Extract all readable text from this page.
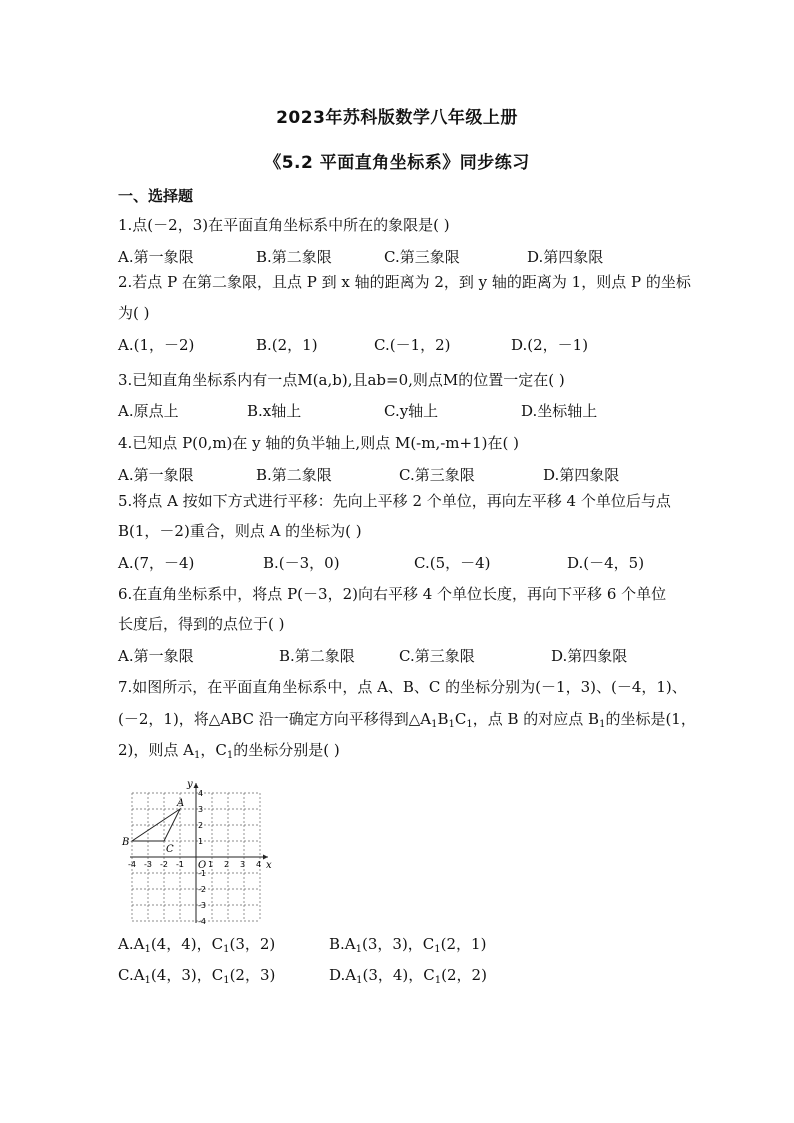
2023年苏科版数学八年级上册
《5.2 平面直角坐标系》同步练习
一、选择题
1.点(－2，3)在平面直角坐标系中所在的象限是( )
A.第一象限	B.第二象限	C.第三象限	D.第四象限
2.若点 P 在第二象限，且点 P 到 x 轴的距离为 2，到 y 轴的距离为 1，则点 P 的坐标
为( )
A.(1，－2)	B.(2，1)	C.(－1，2)	D.(2，－1)
3.已知直角坐标系内有一点M(a,b),且ab=0,则点M的位置一定在( )
A.原点上	B.x轴上	C.y轴上	D.坐标轴上
4.已知点 P(0,m)在 y 轴的负半轴上,则点 M(-m,-m+1)在( )
A.第一象限	B.第二象限	C.第三象限	D.第四象限
5.将点 A 按如下方式进行平移：先向上平移 2 个单位，再向左平移 4 个单位后与点
B(1，－2)重合，则点 A 的坐标为( )
A.(7，－4)	B.(－3，0)	C.(5，－4)	D.(－4，5)
6.在直角坐标系中，将点 P(－3，2)向右平移 4 个单位长度，再向下平移 6 个单位
长度后，得到的点位于( )
A.第一象限	B.第二象限	C.第三象限	D.第四象限
7.如图所示，在平面直角坐标系中，点 A、B、C 的坐标分别为(－1，3)、(－4，1)、
(－2，1)，将△ABC 沿一确定方向平移得到$\triangle A_1B_1C_1$，点 B 的对应点 $B_1$的坐标是(1，
2)，则点 $A_1$，$C_1$的坐标分别是( )
x
y
O
-4 -3 -2 -1	1 2 3 4
4
3
2
1
-1
-2
-3
-4
A
B
C
$A.A_1(4$，4)，$C_1(3$，2)	$B.A_1(3$，3)，$C_1(2$，1)
$C.A_1(4$，3)，$C_1(2$，3)	$D.A_1(3$，4)，$C_1(2$，2)
